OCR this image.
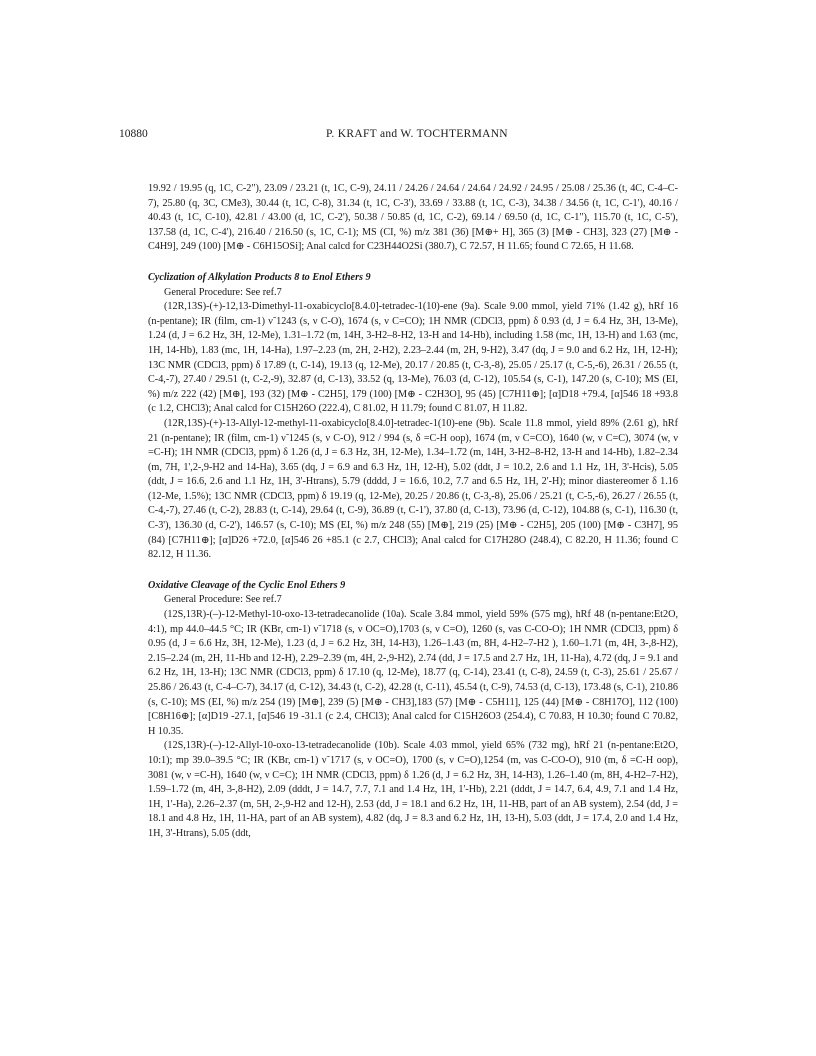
10880	P. KRAFT and W. TOCHTERMANN

19.92 / 19.95 (q, 1C, C-2"), 23.09 / 23.21 (t, 1C, C-9), 24.11 / 24.26 / 24.64 / 24.64 / 24.92 / 24.95 / 25.08 / 25.36 (t, 4C, C-4–C-7), 25.80 (q, 3C, CMe3), 30.44 (t, 1C, C-8), 31.34 (t, 1C, C-3'), 33.69 / 33.88 (t, 1C, C-3), 34.38 / 34.56 (t, 1C, C-1'), 40.16 / 40.43 (t, 1C, C-10), 42.81 / 43.00 (d, 1C, C-2'), 50.38 / 50.85 (d, 1C, C-2), 69.14 / 69.50 (d, 1C, C-1"), 115.70 (t, 1C, C-5'), 137.58 (d, 1C, C-4'), 216.40 / 216.50 (s, 1C, C-1); MS (CI, %) m/z 381 (36) [M⊕+ H], 365 (3) [M⊕ - CH3], 323 (27) [M⊕ - C4H9], 249 (100) [M⊕ - C6H15OSi]; Anal calcd for C23H44O2Si (380.7), C 72.57, H 11.65; found C 72.65, H 11.68.

Cyclization of Alkylation Products 8 to Enol Ethers 9

General Procedure: See ref.7

(12R,13S)-(+)-12,13-Dimethyl-11-oxabicyclo[8.4.0]-tetradec-1(10)-ene (9a). Scale 9.00 mmol, yield 71% (1.42 g), hRf 16 (n-pentane); IR (film, cm-1) ν̃ 1243 (s, ν C-O), 1674 (s, ν C=CO); 1H NMR (CDCl3, ppm) δ 0.93 (d, J = 6.4 Hz, 3H, 13-Me), 1.24 (d, J = 6.2 Hz, 3H, 12-Me), 1.31–1.72 (m, 14H, 3-H2–8-H2, 13-H and 14-Hb), including 1.58 (mc, 1H, 13-H) and 1.63 (mc, 1H, 14-Hb), 1.83 (mc, 1H, 14-Ha), 1.97–2.23 (m, 2H, 2-H2), 2.23–2.44 (m, 2H, 9-H2), 3.47 (dq, J = 9.0 and 6.2 Hz, 1H, 12-H); 13C NMR (CDCl3, ppm) δ 17.89 (t, C-14), 19.13 (q, 12-Me), 20.17 / 20.85 (t, C-3,-8), 25.05 / 25.17 (t, C-5,-6), 26.31 / 26.55 (t, C-4,-7), 27.40 / 29.51 (t, C-2,-9), 32.87 (d, C-13), 33.52 (q, 13-Me), 76.03 (d, C-12), 105.54 (s, C-1), 147.20 (s, C-10); MS (EI, %) m/z 222 (42) [M⊕], 193 (32) [M⊕ - C2H5], 179 (100) [M⊕ - C2H3O], 95 (45) [C7H11⊕]; [α]D18 +79.4, [α]546 18 +93.8 (c 1.2, CHCl3); Anal calcd for C15H26O (222.4), C 81.02, H 11.79; found C 81.07, H 11.82.

(12R,13S)-(+)-13-Allyl-12-methyl-11-oxabicyclo[8.4.0]-tetradec-1(10)-ene (9b). Scale 11.8 mmol, yield 89% (2.61 g), hRf 21 (n-pentane); IR (film, cm-1) ν̃ 1245 (s, ν C-O), 912 / 994 (s, δ =C-H oop), 1674 (m, ν C=CO), 1640 (w, ν C=C), 3074 (w, ν =C-H); 1H NMR (CDCl3, ppm) δ 1.26 (d, J = 6.3 Hz, 3H, 12-Me), 1.34–1.72 (m, 14H, 3-H2–8-H2, 13-H and 14-Hb), 1.82–2.34 (m, 7H, 1',2-,9-H2 and 14-Ha), 3.65 (dq, J = 6.9 and 6.3 Hz, 1H, 12-H), 5.02 (ddt, J = 10.2, 2.6 and 1.1 Hz, 1H, 3'-Hcis), 5.05 (ddt, J = 16.6, 2.6 and 1.1 Hz, 1H, 3'-Htrans), 5.79 (dddd, J = 16.6, 10.2, 7.7 and 6.5 Hz, 1H, 2'-H); minor diastereomer δ 1.16 (12-Me, 1.5%); 13C NMR (CDCl3, ppm) δ 19.19 (q, 12-Me), 20.25 / 20.86 (t, C-3,-8), 25.06 / 25.21 (t, C-5,-6), 26.27 / 26.55 (t, C-4,-7), 27.46 (t, C-2), 28.83 (t, C-14), 29.64 (t, C-9), 36.89 (t, C-1'), 37.80 (d, C-13), 73.96 (d, C-12), 104.88 (s, C-1), 116.30 (t, C-3'), 136.30 (d, C-2'), 146.57 (s, C-10); MS (EI, %) m/z 248 (55) [M⊕], 219 (25) [M⊕ - C2H5], 205 (100) [M⊕ - C3H7], 95 (84) [C7H11⊕]; [α]D26 +72.0, [α]546 26 +85.1 (c 2.7, CHCl3); Anal calcd for C17H28O (248.4), C 82.20, H 11.36; found C 82.12, H 11.36.

Oxidative Cleavage of the Cyclic Enol Ethers 9

General Procedure: See ref.7

(12S,13R)-(–)-12-Methyl-10-oxo-13-tetradecanolide (10a). Scale 3.84 mmol, yield 59% (575 mg), hRf 48 (n-pentane:Et2O, 4:1), mp 44.0–44.5 °C; IR (KBr, cm-1) ν̃ 1718 (s, ν OC=O),1703 (s, ν C=O), 1260 (s, νas C-CO-O); 1H NMR (CDCl3, ppm) δ 0.95 (d, J = 6.6 Hz, 3H, 12-Me), 1.23 (d, J = 6.2 Hz, 3H, 14-H3), 1.26–1.43 (m, 8H, 4-H2–7-H2 ), 1.60–1.71 (m, 4H, 3-,8-H2), 2.15–2.24 (m, 2H, 11-Hb and 12-H), 2.29–2.39 (m, 4H, 2-,9-H2), 2.74 (dd, J = 17.5 and 2.7 Hz, 1H, 11-Ha), 4.72 (dq, J = 9.1 and 6.2 Hz, 1H, 13-H); 13C NMR (CDCl3, ppm) δ 17.10 (q, 12-Me), 18.77 (q, C-14), 23.41 (t, C-8), 24.59 (t, C-3), 25.61 / 25.67 / 25.86 / 26.43 (t, C-4–C-7), 34.17 (d, C-12), 34.43 (t, C-2), 42.28 (t, C-11), 45.54 (t, C-9), 74.53 (d, C-13), 173.48 (s, C-1), 210.86 (s, C-10); MS (EI, %) m/z 254 (19) [M⊕], 239 (5) [M⊕ - CH3],183 (57) [M⊕ - C5H11], 125 (44) [M⊕ - C8H17O], 112 (100) [C8H16⊕]; [α]D19 -27.1, [α]546 19 -31.1 (c 2.4, CHCl3); Anal calcd for C15H26O3 (254.4), C 70.83, H 10.30; found C 70.82, H 10.35.

(12S,13R)-(–)-12-Allyl-10-oxo-13-tetradecanolide (10b). Scale 4.03 mmol, yield 65% (732 mg), hRf 21 (n-pentane:Et2O, 10:1); mp 39.0–39.5 °C; IR (KBr, cm-1) ν̃ 1717 (s, ν OC=O), 1700 (s, ν C=O),1254 (m, νas C-CO-O), 910 (m, δ =C-H oop), 3081 (w, ν =C-H), 1640 (w, ν C=C); 1H NMR (CDCl3, ppm) δ 1.26 (d, J = 6.2 Hz, 3H, 14-H3), 1.26–1.40 (m, 8H, 4-H2–7-H2), 1.59–1.72 (m, 4H, 3-,8-H2), 2.09 (dddt, J = 14.7, 7.7, 7.1 and 1.4 Hz, 1H, 1'-Hb), 2.21 (dddt, J = 14.7, 6.4, 4.9, 7.1 and 1.4 Hz, 1H, 1'-Ha), 2.26–2.37 (m, 5H, 2-,9-H2 and 12-H), 2.53 (dd, J = 18.1 and 6.2 Hz, 1H, 11-HB, part of an AB system), 2.54 (dd, J = 18.1 and 4.8 Hz, 1H, 11-HA, part of an AB system), 4.82 (dq, J = 8.3 and 6.2 Hz, 1H, 13-H), 5.03 (ddt, J = 17.4, 2.0 and 1.4 Hz, 1H, 3'-Htrans), 5.05 (ddt,
